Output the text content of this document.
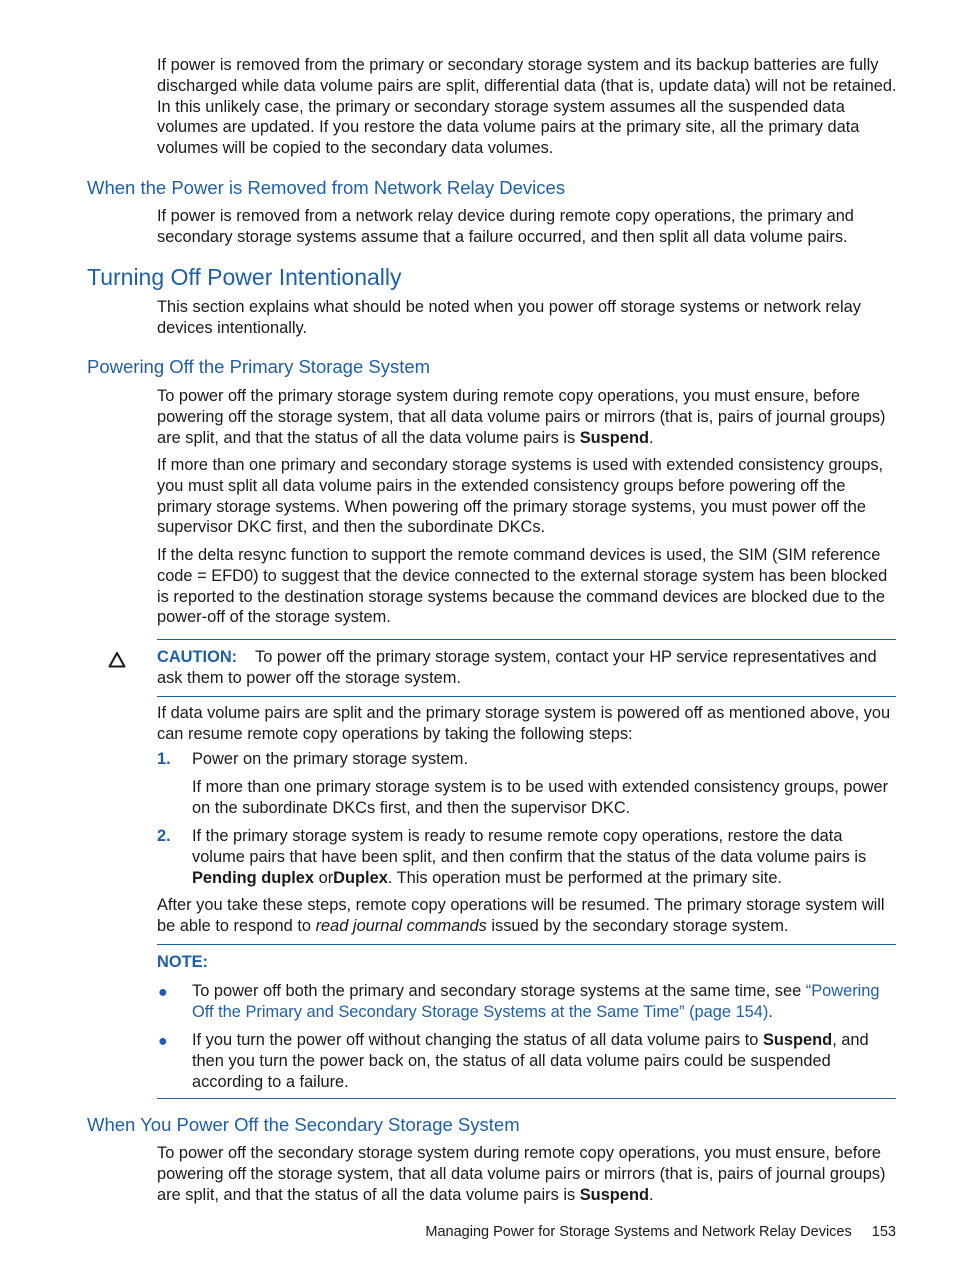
If power is removed from the primary or secondary storage system and its backup batteries are fully discharged while data volume pairs are split, differential data (that is, update data) will not be retained. In this unlikely case, the primary or secondary storage system assumes all the suspended data volumes are updated. If you restore the data volume pairs at the primary site, all the primary data volumes will be copied to the secondary data volumes.

When the Power is Removed from Network Relay Devices

If power is removed from a network relay device during remote copy operations, the primary and secondary storage systems assume that a failure occurred, and then split all data volume pairs.

Turning Off Power Intentionally

This section explains what should be noted when you power off storage systems or network relay devices intentionally.

Powering Off the Primary Storage System

To power off the primary storage system during remote copy operations, you must ensure, before powering off the storage system, that all data volume pairs or mirrors (that is, pairs of journal groups) are split, and that the status of all the data volume pairs is Suspend.

If more than one primary and secondary storage systems is used with extended consistency groups, you must split all data volume pairs in the extended consistency groups before powering off the primary storage systems. When powering off the primary storage systems, you must power off the supervisor DKC first, and then the subordinate DKCs.

If the delta resync function to support the remote command devices is used, the SIM (SIM reference code = EFD0) to suggest that the device connected to the external storage system has been blocked is reported to the destination storage systems because the command devices are blocked due to the power-off of the storage system.

CAUTION: To power off the primary storage system, contact your HP service representatives and ask them to power off the storage system.

If data volume pairs are split and the primary storage system is powered off as mentioned above, you can resume remote copy operations by taking the following steps:

1. Power on the primary storage system.

If more than one primary storage system is to be used with extended consistency groups, power on the subordinate DKCs first, and then the supervisor DKC.

2. If the primary storage system is ready to resume remote copy operations, restore the data volume pairs that have been split, and then confirm that the status of the data volume pairs is Pending duplex orDuplex. This operation must be performed at the primary site.

After you take these steps, remote copy operations will be resumed. The primary storage system will be able to respond to read journal commands issued by the secondary storage system.

NOTE:

● To power off both the primary and secondary storage systems at the same time, see “Powering Off the Primary and Secondary Storage Systems at the Same Time” (page 154).

● If you turn the power off without changing the status of all data volume pairs to Suspend, and then you turn the power back on, the status of all data volume pairs could be suspended according to a failure.

When You Power Off the Secondary Storage System

To power off the secondary storage system during remote copy operations, you must ensure, before powering off the storage system, that all data volume pairs or mirrors (that is, pairs of journal groups) are split, and that the status of all the data volume pairs is Suspend.

Managing Power for Storage Systems and Network Relay Devices 153
